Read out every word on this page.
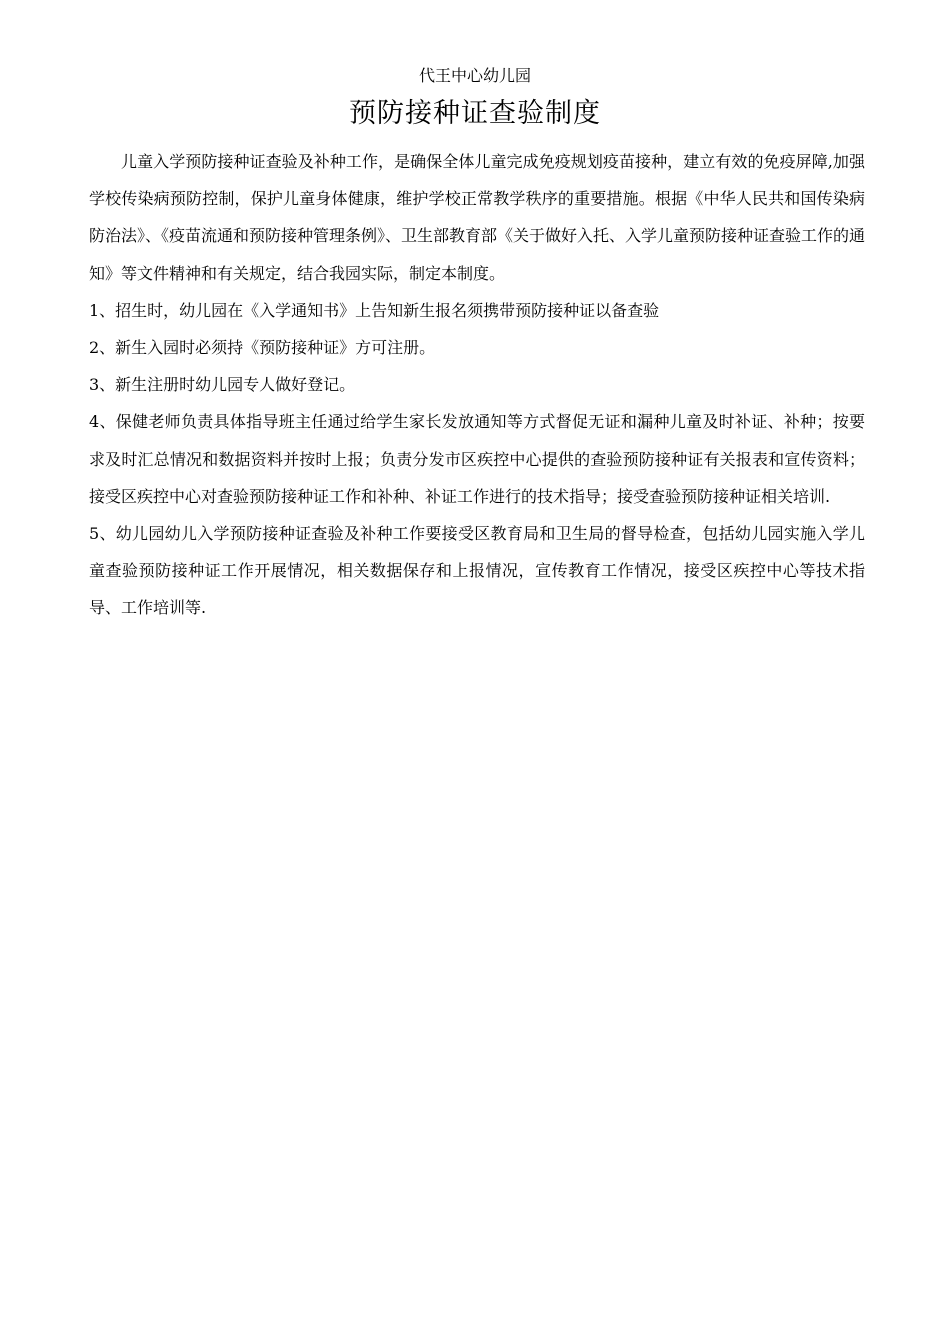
代王中心幼儿园
预防接种证查验制度

儿童入学预防接种证查验及补种工作，是确保全体儿童完成免疫规划疫苗接种，建立有效的免疫屏障,加强学校传染病预防控制，保护儿童身体健康，维护学校正常教学秩序的重要措施。根据《中华人民共和国传染病防治法》、《疫苗流通和预防接种管理条例》、卫生部教育部《关于做好入托、入学儿童预防接种证查验工作的通知》等文件精神和有关规定，结合我园实际，制定本制度。

1、招生时，幼儿园在《入学通知书》上告知新生报名须携带预防接种证以备查验

2、新生入园时必须持《预防接种证》方可注册。

3、新生注册时幼儿园专人做好登记。

4、保健老师负责具体指导班主任通过给学生家长发放通知等方式督促无证和漏种儿童及时补证、补种；按要求及时汇总情况和数据资料并按时上报；负责分发市区疾控中心提供的查验预防接种证有关报表和宣传资料；接受区疾控中心对查验预防接种证工作和补种、补证工作进行的技术指导；接受查验预防接种证相关培训.

5、幼儿园幼儿入学预防接种证查验及补种工作要接受区教育局和卫生局的督导检查，包括幼儿园实施入学儿童查验预防接种证工作开展情况，相关数据保存和上报情况，宣传教育工作情况，接受区疾控中心等技术指导、工作培训等.
